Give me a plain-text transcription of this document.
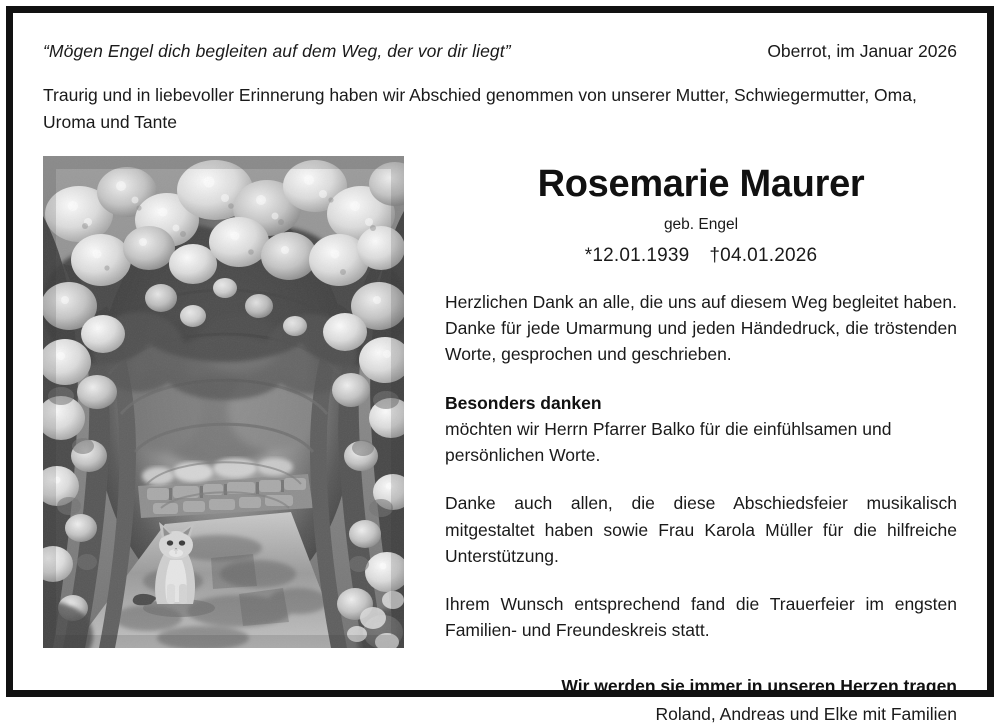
“Mögen Engel dich begleiten auf dem Weg, der vor dir liegt”	Oberrot, im Januar 2026
Traurig und in liebevoller Erinnerung haben wir Abschied genommen von unserer Mutter, Schwiegermutter, Oma, Uroma und Tante
Rosemarie Maurer
geb. Engel
*12.01.1939 †04.01.2026
Herzlichen Dank an alle, die uns auf diesem Weg begleitet haben. Danke für jede Umarmung und jeden Händedruck, die tröstenden Worte, gesprochen und geschrieben.
Besonders danken
möchten wir Herrn Pfarrer Balko für die einfühlsamen und persönlichen Worte.
Danke auch allen, die diese Abschiedsfeier musikalisch mitgestaltet haben sowie Frau Karola Müller für die hilfreiche Unterstützung.
Ihrem Wunsch entsprechend fand die Trauerfeier im engsten Familien- und Freundeskreis statt.
Wir werden sie immer in unseren Herzen tragen
Roland, Andreas und Elke mit Familien
